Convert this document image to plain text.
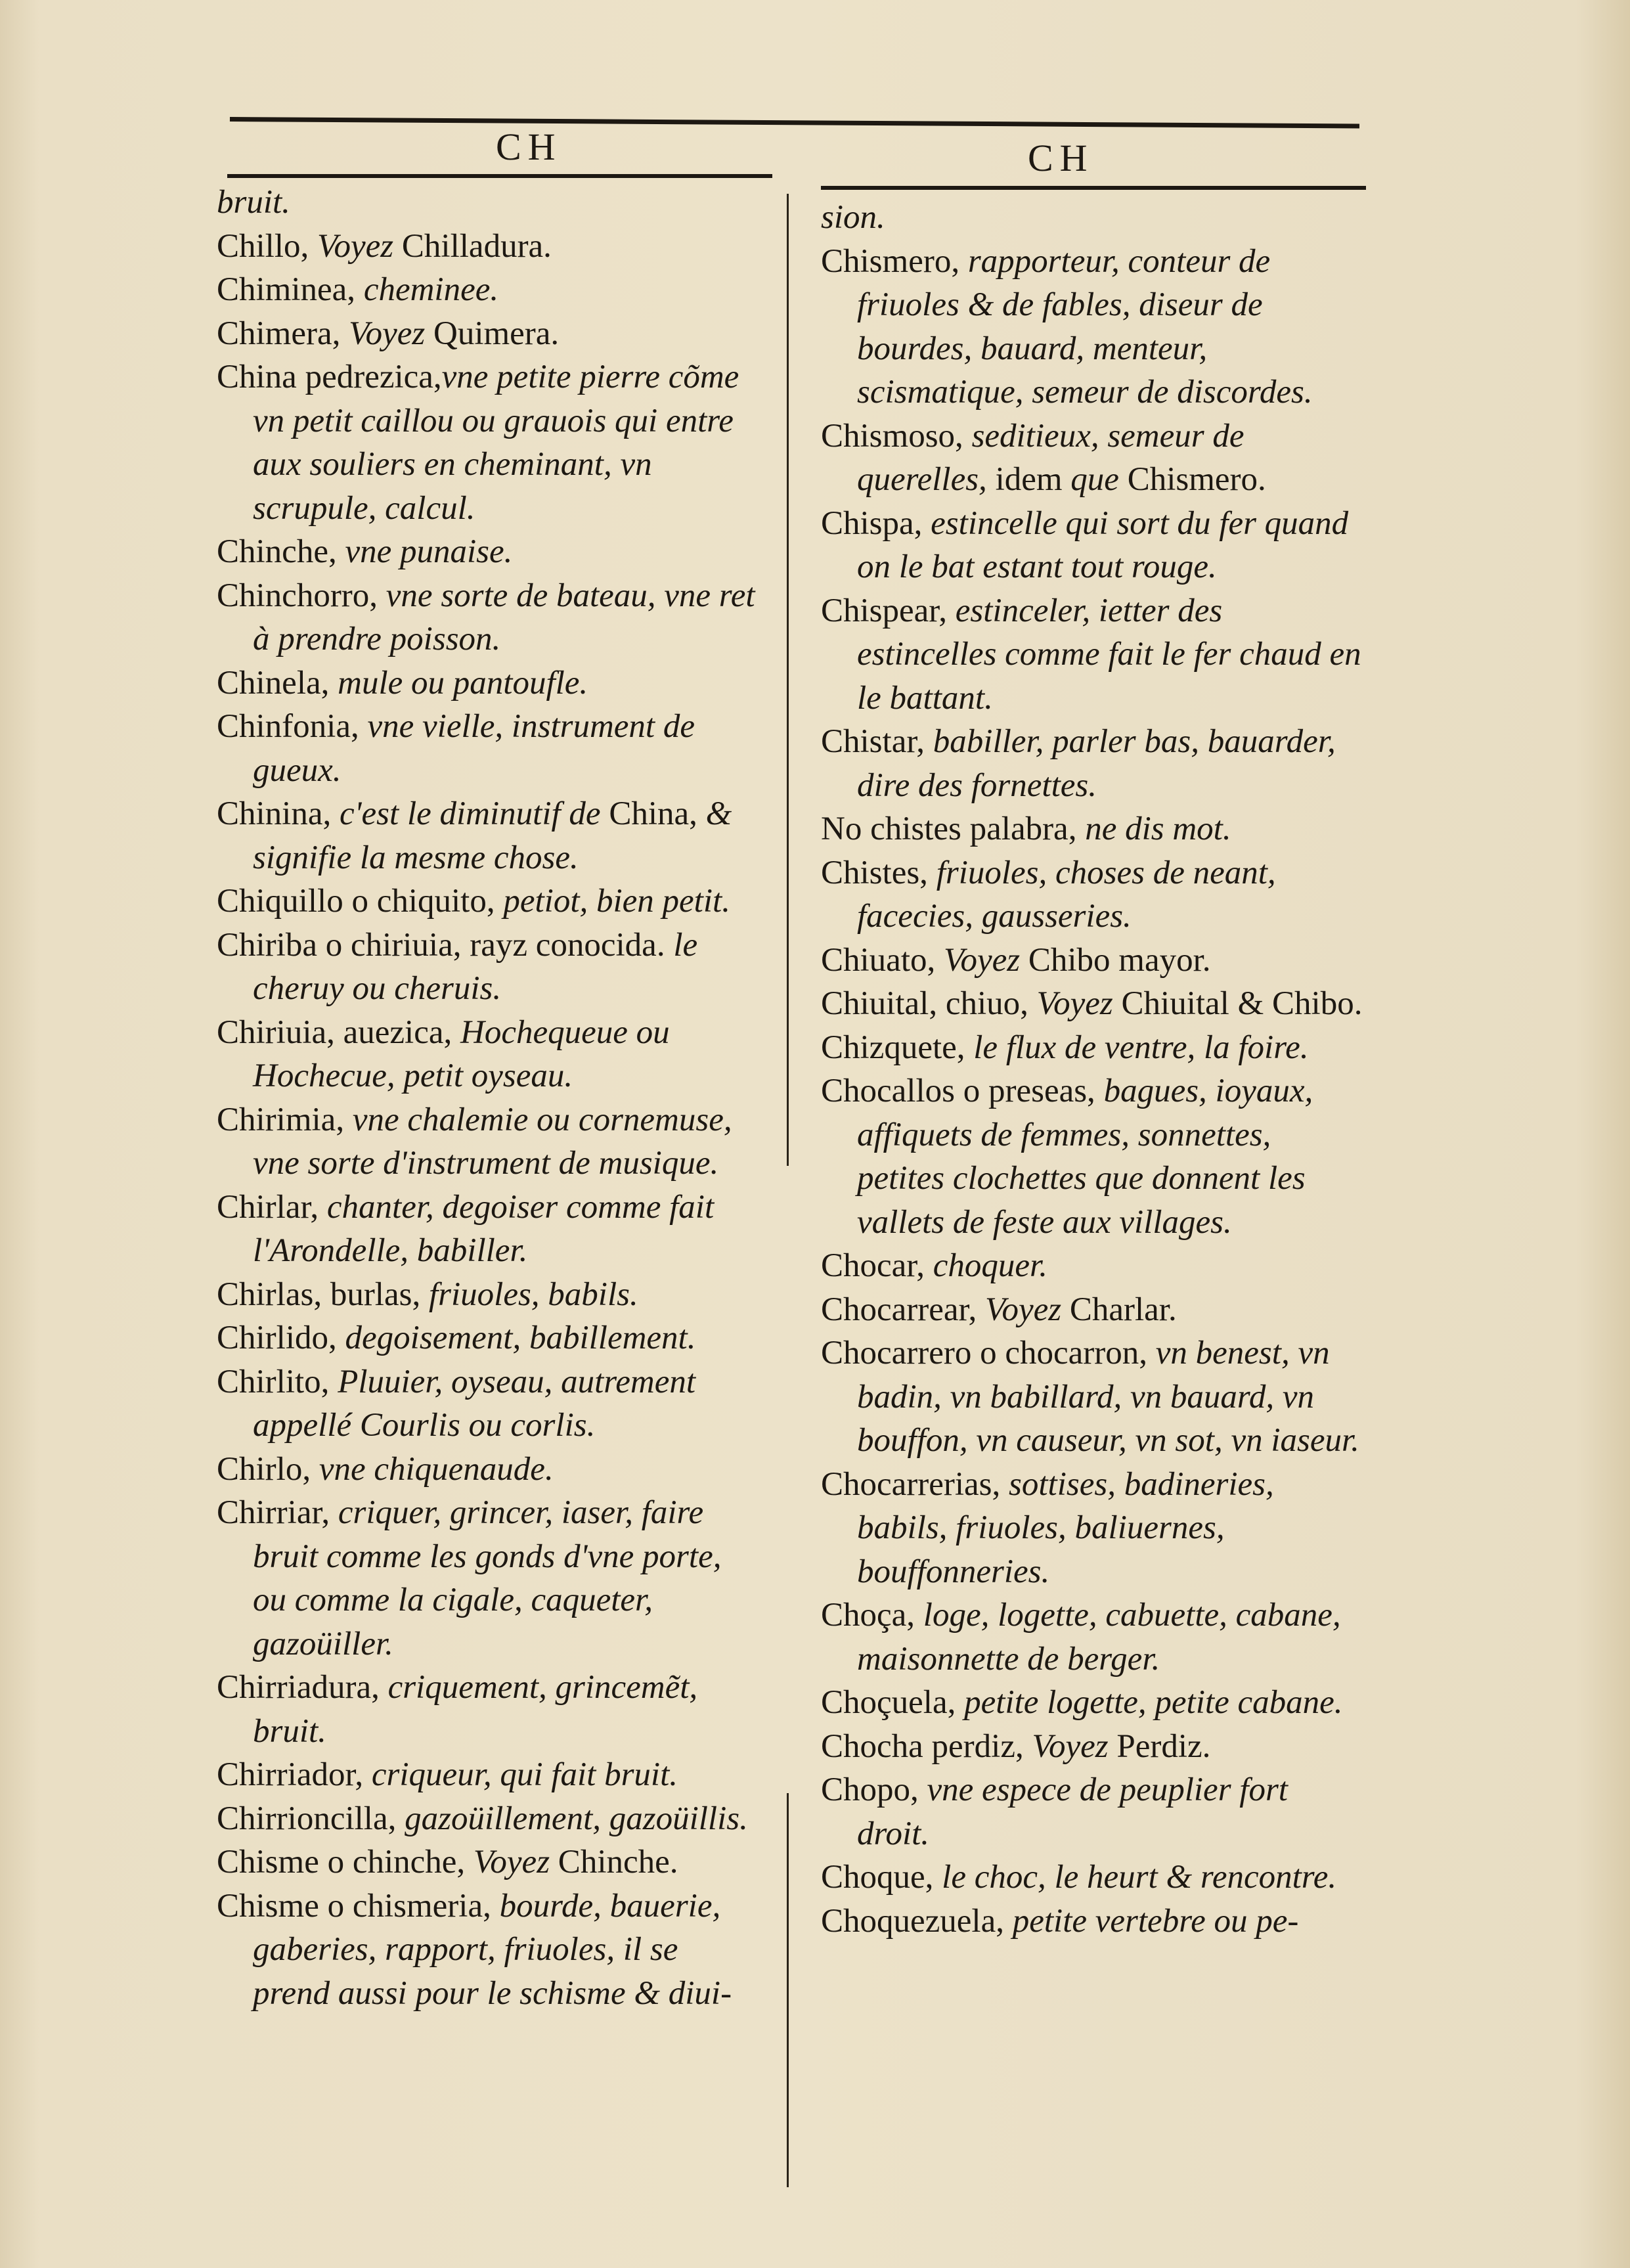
CH	CH

bruit.

Chillo, Voyez Chilladura.

Chiminea, cheminee.

Chimera, Voyez Quimera.

China pedrezica,vne petite pierre cõme vn petit caillou ou grauois qui entre aux souliers en cheminant, vn scrupule, calcul.

Chinche, vne punaise.

Chinchorro, vne sorte de bateau, vne ret à prendre poisson.

Chinela, mule ou pantoufle.

Chinfonia, vne vielle, instrument de gueux.

Chinina, c'est le diminutif de China, & signifie la mesme chose.

Chiquillo o chiquito, petiot, bien petit.

Chiriba o chiriuia, rayz conocida. le cheruy ou cheruis.

Chiriuia, auezica, Hochequeue ou Hochecue, petit oyseau.

Chirimia, vne chalemie ou cornemuse, vne sorte d'instrument de musique.

Chirlar, chanter, degoiser comme fait l'Arondelle, babiller.

Chirlas, burlas, friuoles, babils.

Chirlido, degoisement, babillement.

Chirlito, Pluuier, oyseau, autrement appellé Courlis ou corlis.

Chirlo, vne chiquenaude.

Chirriar, criquer, grincer, iaser, faire bruit comme les gonds d'vne porte, ou comme la cigale, caqueter, gazoüiller.

Chirriadura, criquement, grincemẽt, bruit.

Chirriador, criqueur, qui fait bruit.

Chirrioncilla, gazoüillement, gazoüillis.

Chisme o chinche, Voyez Chinche.

Chisme o chismeria, bourde, bauerie, gaberies, rapport, friuoles, il se prend aussi pour le schisme & diui-

sion.

Chismero, rapporteur, conteur de friuoles & de fables, diseur de bourdes, bauard, menteur, scismatique, semeur de discordes.

Chismoso, seditieux, semeur de querelles, idem que Chismero.

Chispa, estincelle qui sort du fer quand on le bat estant tout rouge.

Chispear, estinceler, ietter des estincelles comme fait le fer chaud en le battant.

Chistar, babiller, parler bas, bauarder, dire des fornettes.

No chistes palabra, ne dis mot.

Chistes, friuoles, choses de neant, facecies, gausseries.

Chiuato, Voyez Chibo mayor.

Chiuital, chiuo, Voyez Chiuital & Chibo.

Chizquete, le flux de ventre, la foire.

Chocallos o preseas, bagues, ioyaux, affiquets de femmes, sonnettes, petites clochettes que donnent les vallets de feste aux villages.

Chocar, choquer.

Chocarrear, Voyez Charlar.

Chocarrero o chocarron, vn benest, vn badin, vn babillard, vn bauard, vn bouffon, vn causeur, vn sot, vn iaseur.

Chocarrerias, sottises, badineries, babils, friuoles, baliuernes, bouffonneries.

Choça, loge, logette, cabuette, cabane, maisonnette de berger.

Choçuela, petite logette, petite cabane.

Chocha perdiz, Voyez Perdiz.

Chopo, vne espece de peuplier fort droit.

Choque, le choc, le heurt & rencontre.

Choquezuela, petite vertebre ou pe-
